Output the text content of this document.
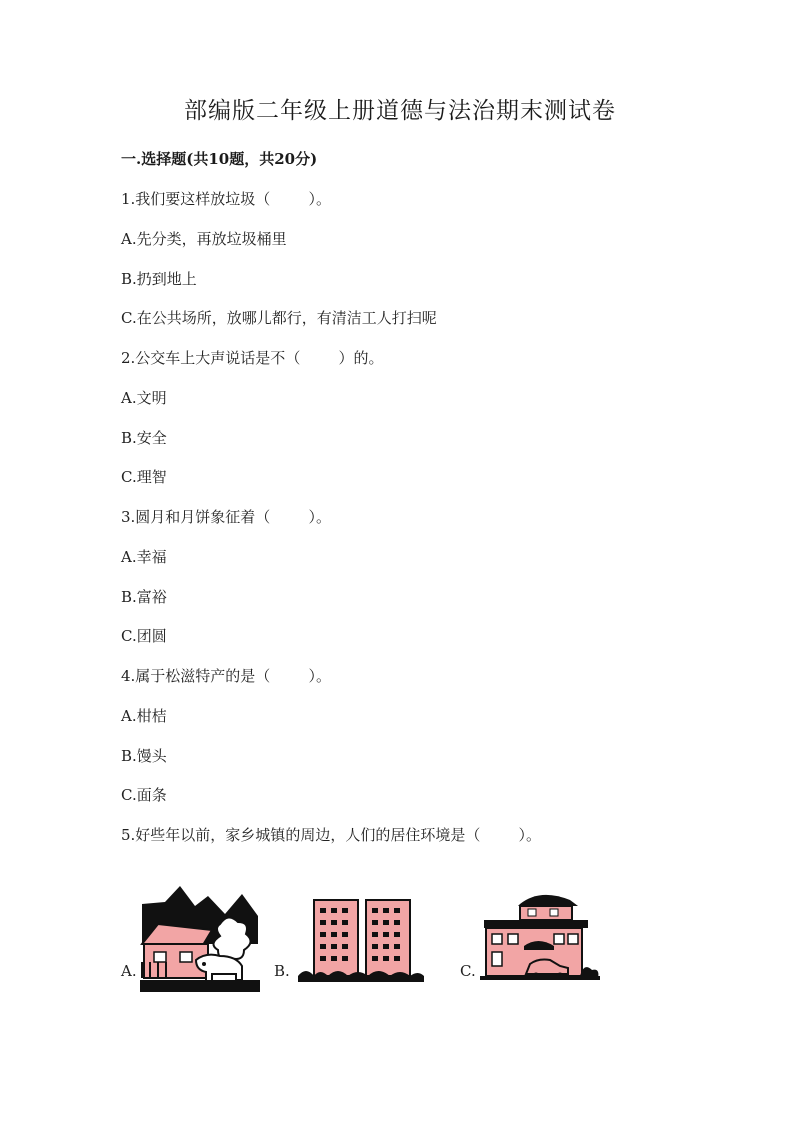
部编版二年级上册道德与法治期末测试卷
一.选择题(共10题，共20分)
1.我们要这样放垃圾（        ）。
A.先分类，再放垃圾桶里
B.扔到地上
C.在公共场所，放哪儿都行，有清洁工人打扫呢
2.公交车上大声说话是不（        ）的。
A.文明
B.安全
C.理智
3.圆月和月饼象征着（        ）。
A.幸福
B.富裕
C.团圆
4.属于松滋特产的是（        ）。
A.柑桔
B.馒头
C.面条
5.好些年以前，家乡城镇的周边，人们的居住环境是（        ）。
A.	B.	C.
